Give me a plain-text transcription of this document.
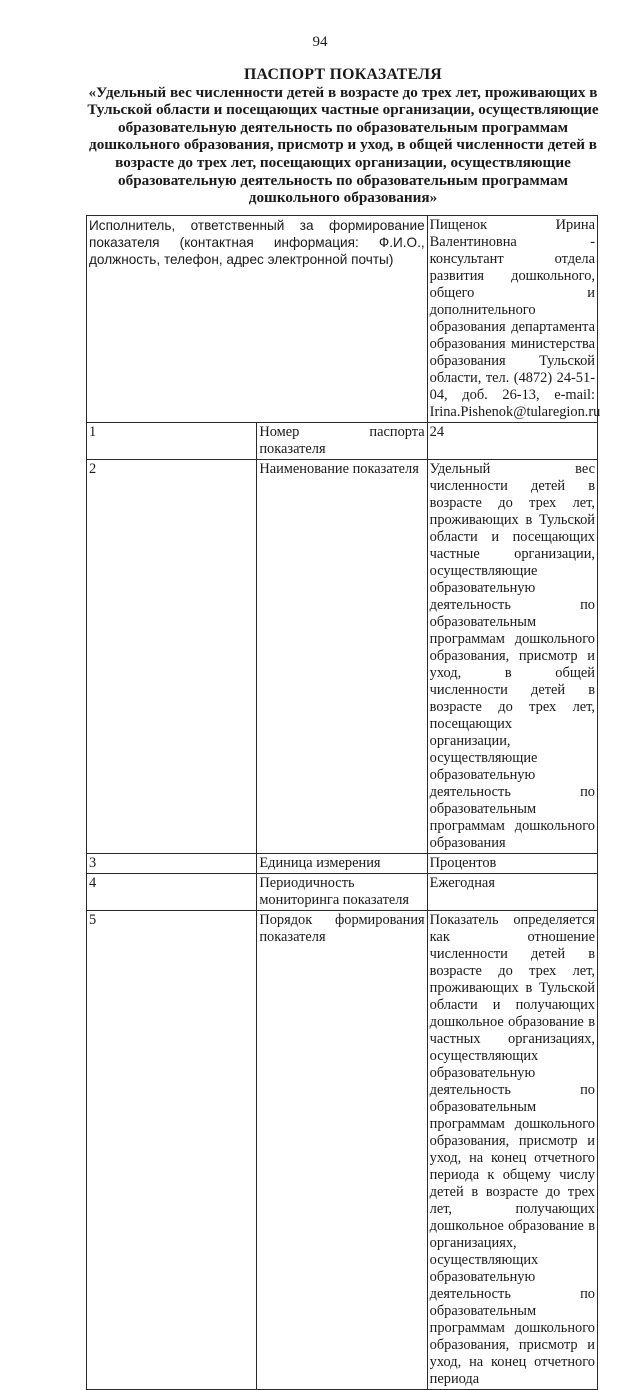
94
ПАСПОРТ ПОКАЗАТЕЛЯ
«Удельный вес численности детей в возрасте до трех лет, проживающих в Тульской области и посещающих частные организации, осуществляющие образовательную деятельность по образовательным программам дошкольного образования, присмотр и уход, в общей численности детей в возрасте до трех лет, посещающих организации, осуществляющие образовательную деятельность по образовательным программам дошкольного образования»
Исполнитель, ответственный за формирование показателя (контактная информация: Ф.И.О., должность, телефон, адрес электронной почты)		Пищенок Ирина Валентиновна - консультант отдела развития дошкольного, общего и дополнительного образования департамента образования министерства образования Тульской области, тел. (4872) 24-51-04, доб. 26-13, e-mail: Irina.Pishenok@tularegion.ru
1	Номер паспорта показателя	24
2	Наименование показателя	Удельный вес численности детей в возрасте до трех лет, проживающих в Тульской области и посещающих частные организации, осуществляющие образовательную деятельность по образовательным программам дошкольного образования, присмотр и уход, в общей численности детей в возрасте до трех лет, посещающих организации, осуществляющие образовательную деятельность по образовательным программам дошкольного образования
3	Единица измерения	Процентов
4	Периодичность мониторинга показателя	Ежегодная
5	Порядок формирования показателя	Показатель определяется как отношение численности детей в возрасте до трех лет, проживающих в Тульской области и получающих дошкольное образование в частных организациях, осуществляющих образовательную деятельность по образовательным программам дошкольного образования, присмотр и уход, на конец отчетного периода к общему числу детей в возрасте до трех лет, получающих дошкольное образование в организациях, осуществляющих образовательную деятельность по образовательным программам дошкольного образования, присмотр и уход, на конец отчетного периода
